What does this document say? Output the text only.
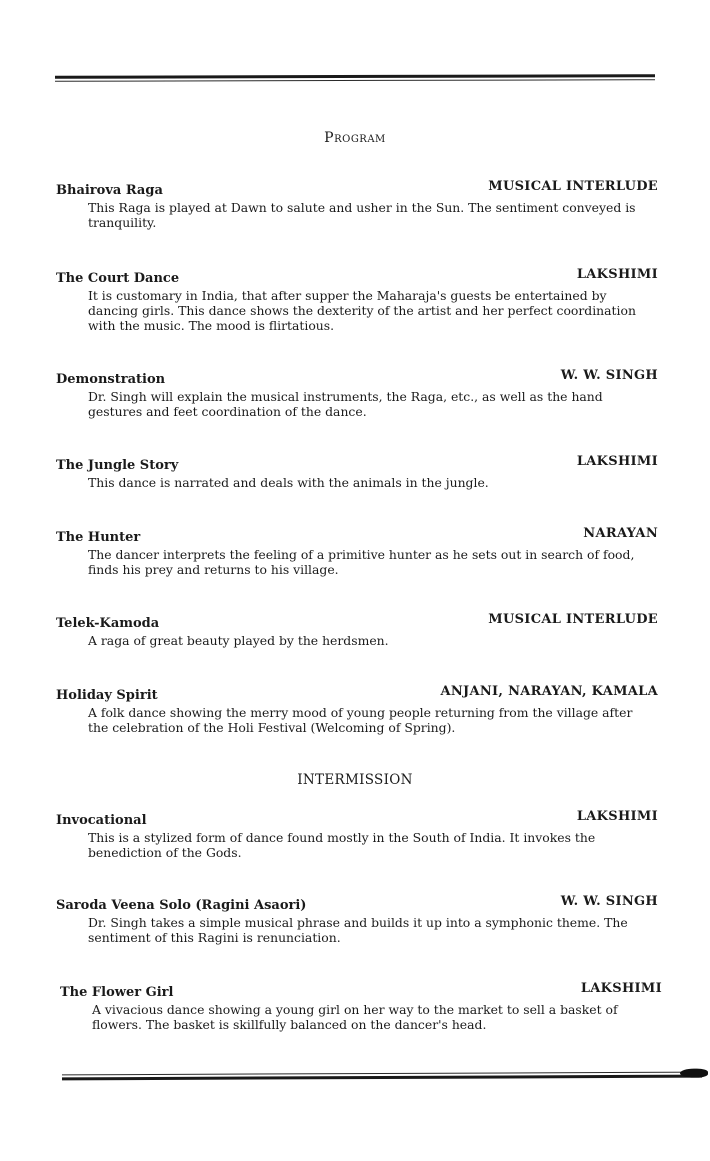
Program
Bhairova Raga	MUSICAL INTERLUDE
This Raga is played at Dawn to salute and usher in the Sun. The sentiment conveyed is tranquility.
The Court Dance	LAKSHIMI
It is customary in India, that after supper the Maharaja's guests be entertained by dancing girls. This dance shows the dexterity of the artist and her perfect coordination with the music. The mood is flirtatious.
Demonstration	W. W. SINGH
Dr. Singh will explain the musical instruments, the Raga, etc., as well as the hand gestures and feet coordination of the dance.
The Jungle Story	LAKSHIMI
This dance is narrated and deals with the animals in the jungle.
The Hunter	NARAYAN
The dancer interprets the feeling of a primitive hunter as he sets out in search of food, finds his prey and returns to his village.
Telek-Kamoda	MUSICAL INTERLUDE
A raga of great beauty played by the herdsmen.
Holiday Spirit	ANJANI, NARAYAN, KAMALA
A folk dance showing the merry mood of young people returning from the village after the celebration of the Holi Festival (Welcoming of Spring).
INTERMISSION
Invocational	LAKSHIMI
This is a stylized form of dance found mostly in the South of India. It invokes the benediction of the Gods.
Saroda Veena Solo (Ragini Asaori)	W. W. SINGH
Dr. Singh takes a simple musical phrase and builds it up into a symphonic theme. The sentiment of this Ragini is renunciation.
The Flower Girl	LAKSHIMI
A vivacious dance showing a young girl on her way to the market to sell a basket of flowers. The basket is skillfully balanced on the dancer's head.
